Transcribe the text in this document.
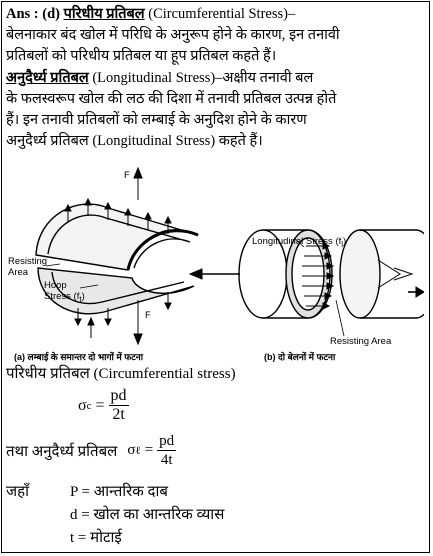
Ans : (d) परिधीय प्रतिबल (Circumferential Stress)–
बेलनाकार बंद खोल में परिधि के अनुरूप होने के कारण, इन तनावी
प्रतिबलों को परिधीय प्रतिबल या हूप प्रतिबल कहते हैं।
अनुदैर्ध्य प्रतिबल (Longitudinal Stress)–अक्षीय तनावी बल
के फलस्वरूप खोल की लठ की दिशा में तनावी प्रतिबल उत्पन्न होते
हैं। इन तनावी प्रतिबलों को लम्बाई के अनुदिश होने के कारण
अनुदैर्ध्य प्रतिबल (Longitudinal Stress) कहते हैं।
F
F
Resisting
Area
Hoop
Stress $(f_t)$
Longitudinal Stress $(f_l)$
Resisting Area
(a) लम्बाई के समान्तर दो भागों में फटना	(b) दो बेलनों में फटना
परिधीय प्रतिबल (Circumferential stress)
σ $c = \frac{pd}{2t}$
तथा अनुदैर्ध्य प्रतिबल σ ℓ = $\frac{pd}{4t}$
जहाँ	P = आन्तरिक दाब
d = खोल का आन्तरिक व्यास
t = मोटाई
